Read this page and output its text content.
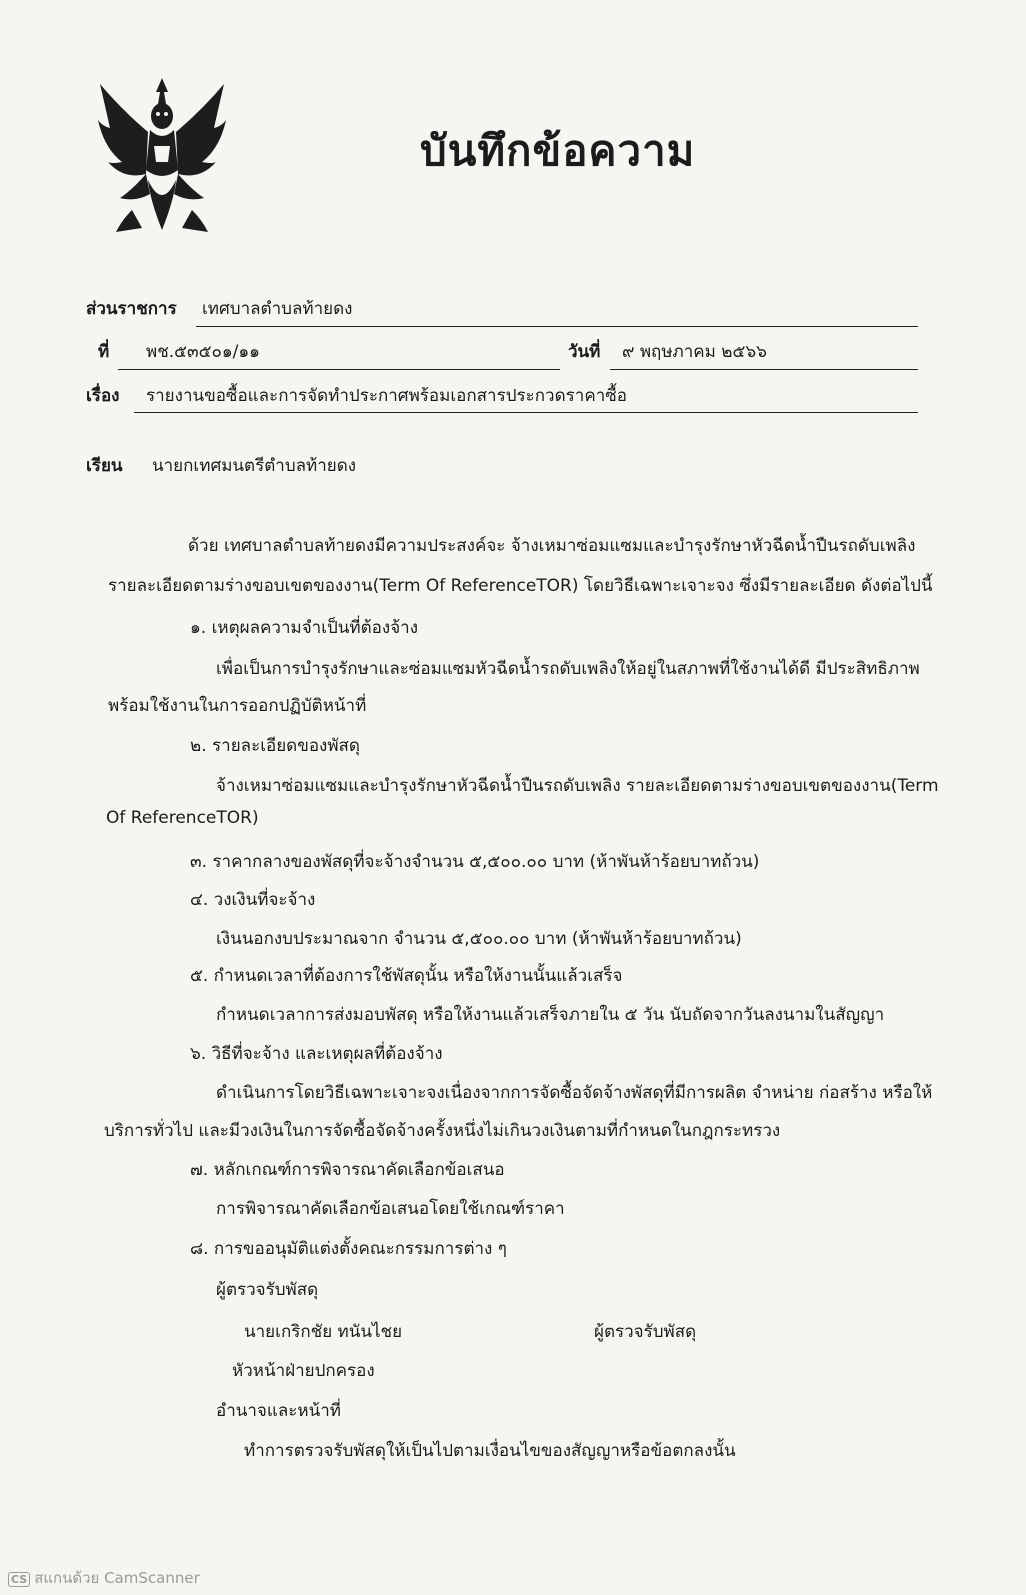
บันทึกข้อความ
ส่วนราชการ เทศบาลตำบลท้ายดง
ที่ พช.๕๓๕๐๑/๑๑	วันที่ ๙ พฤษภาคม ๒๕๖๖
เรื่อง รายงานขอซื้อและการจัดทำประกาศพร้อมเอกสารประกวดราคาซื้อ
เรียน นายกเทศมนตรีตำบลท้ายดง
ด้วย เทศบาลตำบลท้ายดงมีความประสงค์จะ จ้างเหมาซ่อมแซมและบำรุงรักษาหัวฉีดน้ำปืนรถดับเพลิง
รายละเอียดตามร่างขอบเขตของงาน(Term Of ReferenceTOR) โดยวิธีเฉพาะเจาะจง ซึ่งมีรายละเอียด ดังต่อไปนี้
๑. เหตุผลความจำเป็นที่ต้องจ้าง
เพื่อเป็นการบำรุงรักษาและซ่อมแซมหัวฉีดน้ำรถดับเพลิงให้อยู่ในสภาพที่ใช้งานได้ดี มีประสิทธิภาพ
พร้อมใช้งานในการออกปฏิบัติหน้าที่
๒. รายละเอียดของพัสดุ
จ้างเหมาซ่อมแซมและบำรุงรักษาหัวฉีดน้ำปืนรถดับเพลิง รายละเอียดตามร่างขอบเขตของงาน(Term
Of ReferenceTOR)
๓. ราคากลางของพัสดุที่จะจ้างจำนวน ๕,๕๐๐.๐๐ บาท (ห้าพันห้าร้อยบาทถ้วน)
๔. วงเงินที่จะจ้าง
เงินนอกงบประมาณจาก จำนวน ๕,๕๐๐.๐๐ บาท (ห้าพันห้าร้อยบาทถ้วน)
๕. กำหนดเวลาที่ต้องการใช้พัสดุนั้น หรือให้งานนั้นแล้วเสร็จ
กำหนดเวลาการส่งมอบพัสดุ หรือให้งานแล้วเสร็จภายใน ๕ วัน นับถัดจากวันลงนามในสัญญา
๖. วิธีที่จะจ้าง และเหตุผลที่ต้องจ้าง
ดำเนินการโดยวิธีเฉพาะเจาะจงเนื่องจากการจัดซื้อจัดจ้างพัสดุที่มีการผลิต จำหน่าย ก่อสร้าง หรือให้
บริการทั่วไป และมีวงเงินในการจัดซื้อจัดจ้างครั้งหนึ่งไม่เกินวงเงินตามที่กำหนดในกฎกระทรวง
๗. หลักเกณฑ์การพิจารณาคัดเลือกข้อเสนอ
การพิจารณาคัดเลือกข้อเสนอโดยใช้เกณฑ์ราคา
๘. การขออนุมัติแต่งตั้งคณะกรรมการต่าง ๆ
ผู้ตรวจรับพัสดุ
นายเกริกชัย ทนันไชย	ผู้ตรวจรับพัสดุ
หัวหน้าฝ่ายปกครอง
อำนาจและหน้าที่
ทำการตรวจรับพัสดุให้เป็นไปตามเงื่อนไขของสัญญาหรือข้อตกลงนั้น
CS สแกนด้วย CamScanner
